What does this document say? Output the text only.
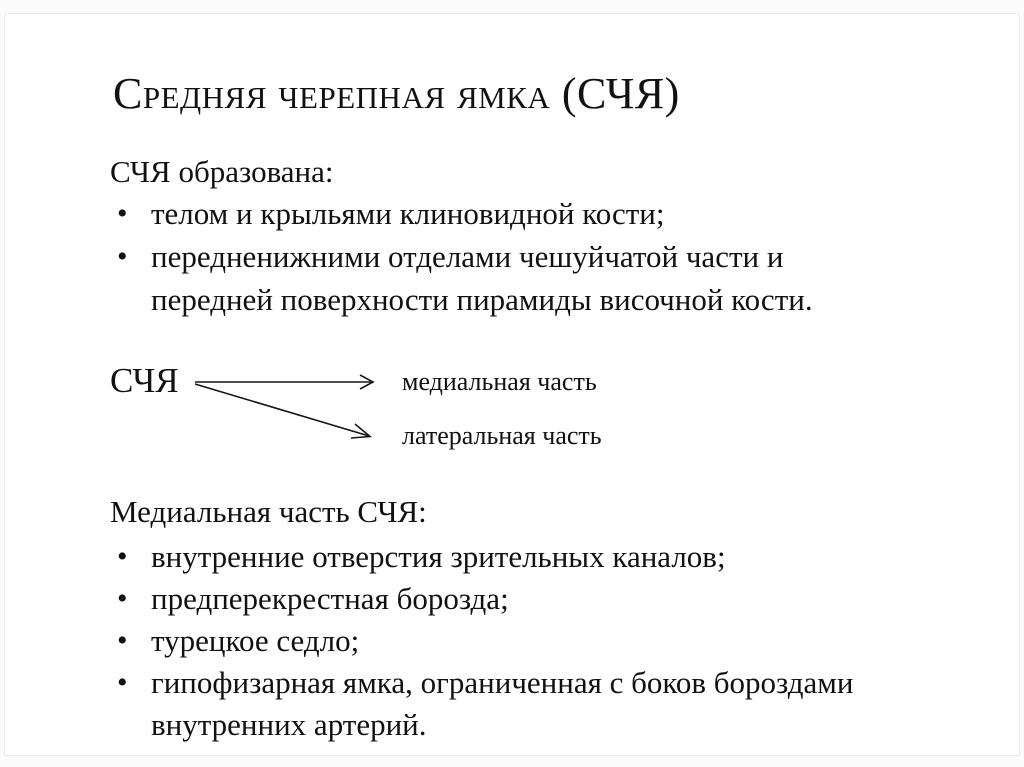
Средняя черепная ямка (СЧЯ)
СЧЯ образована:
• телом и крыльями клиновидной кости;
• передненижними отделами чешуйчатой части и передней поверхности пирамиды височной кости.
СЧЯ	медиальная часть
латеральная часть
Медиальная часть СЧЯ:
• внутренние отверстия зрительных каналов;
• предперекрестная борозда;
• турецкое седло;
• гипофизарная ямка, ограниченная с боков бороздами внутренних артерий.
